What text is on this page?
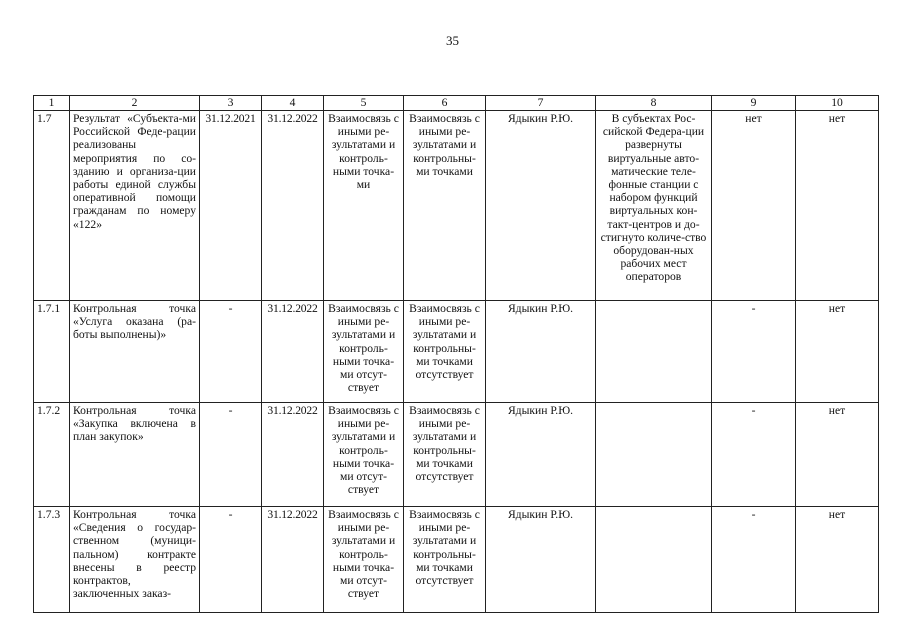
35
1	2	3	4	5	6	7	8	9	10
1.7	Результат «Субъекта-ми Российской Феде-рации реализованы мероприятия по со-зданию и организа-ции работы единой службы оперативной помощи гражданам по номеру «122»	31.12.2021	31.12.2022	Взаимосвязь с иными ре-зультатами и контроль-ными точка-ми	Взаимосвязь с иными ре-зультатами и контрольны-ми точками	Ядыкин Р.Ю.	В субъектах Рос-сийской Федера-ции развернуты виртуальные авто-матические теле-фонные станции с набором функций виртуальных кон-такт-центров и до-стигнуто количе-ство оборудован-ных рабочих мест операторов	нет	нет
1.7.1	Контрольная точка «Услуга оказана (ра-боты выполнены)»	-	31.12.2022	Взаимосвязь с иными ре-зультатами и контроль-ными точка-ми отсут-ствует	Взаимосвязь с иными ре-зультатами и контрольны-ми точками отсутствует	Ядыкин Р.Ю.		-	нет
1.7.2	Контрольная точка «Закупка включена в план закупок»	-	31.12.2022	Взаимосвязь с иными ре-зультатами и контроль-ными точка-ми отсут-ствует	Взаимосвязь с иными ре-зультатами и контрольны-ми точками отсутствует	Ядыкин Р.Ю.		-	нет
1.7.3	Контрольная точка «Сведения о государ-ственном (муници-пальном) контракте внесены в реестр контрактов, заключенных заказ-	-	31.12.2022	Взаимосвязь с иными ре-зультатами и контроль-ными точка-ми отсут-ствует	Взаимосвязь с иными ре-зультатами и контрольны-ми точками отсутствует	Ядыкин Р.Ю.		-	нет
